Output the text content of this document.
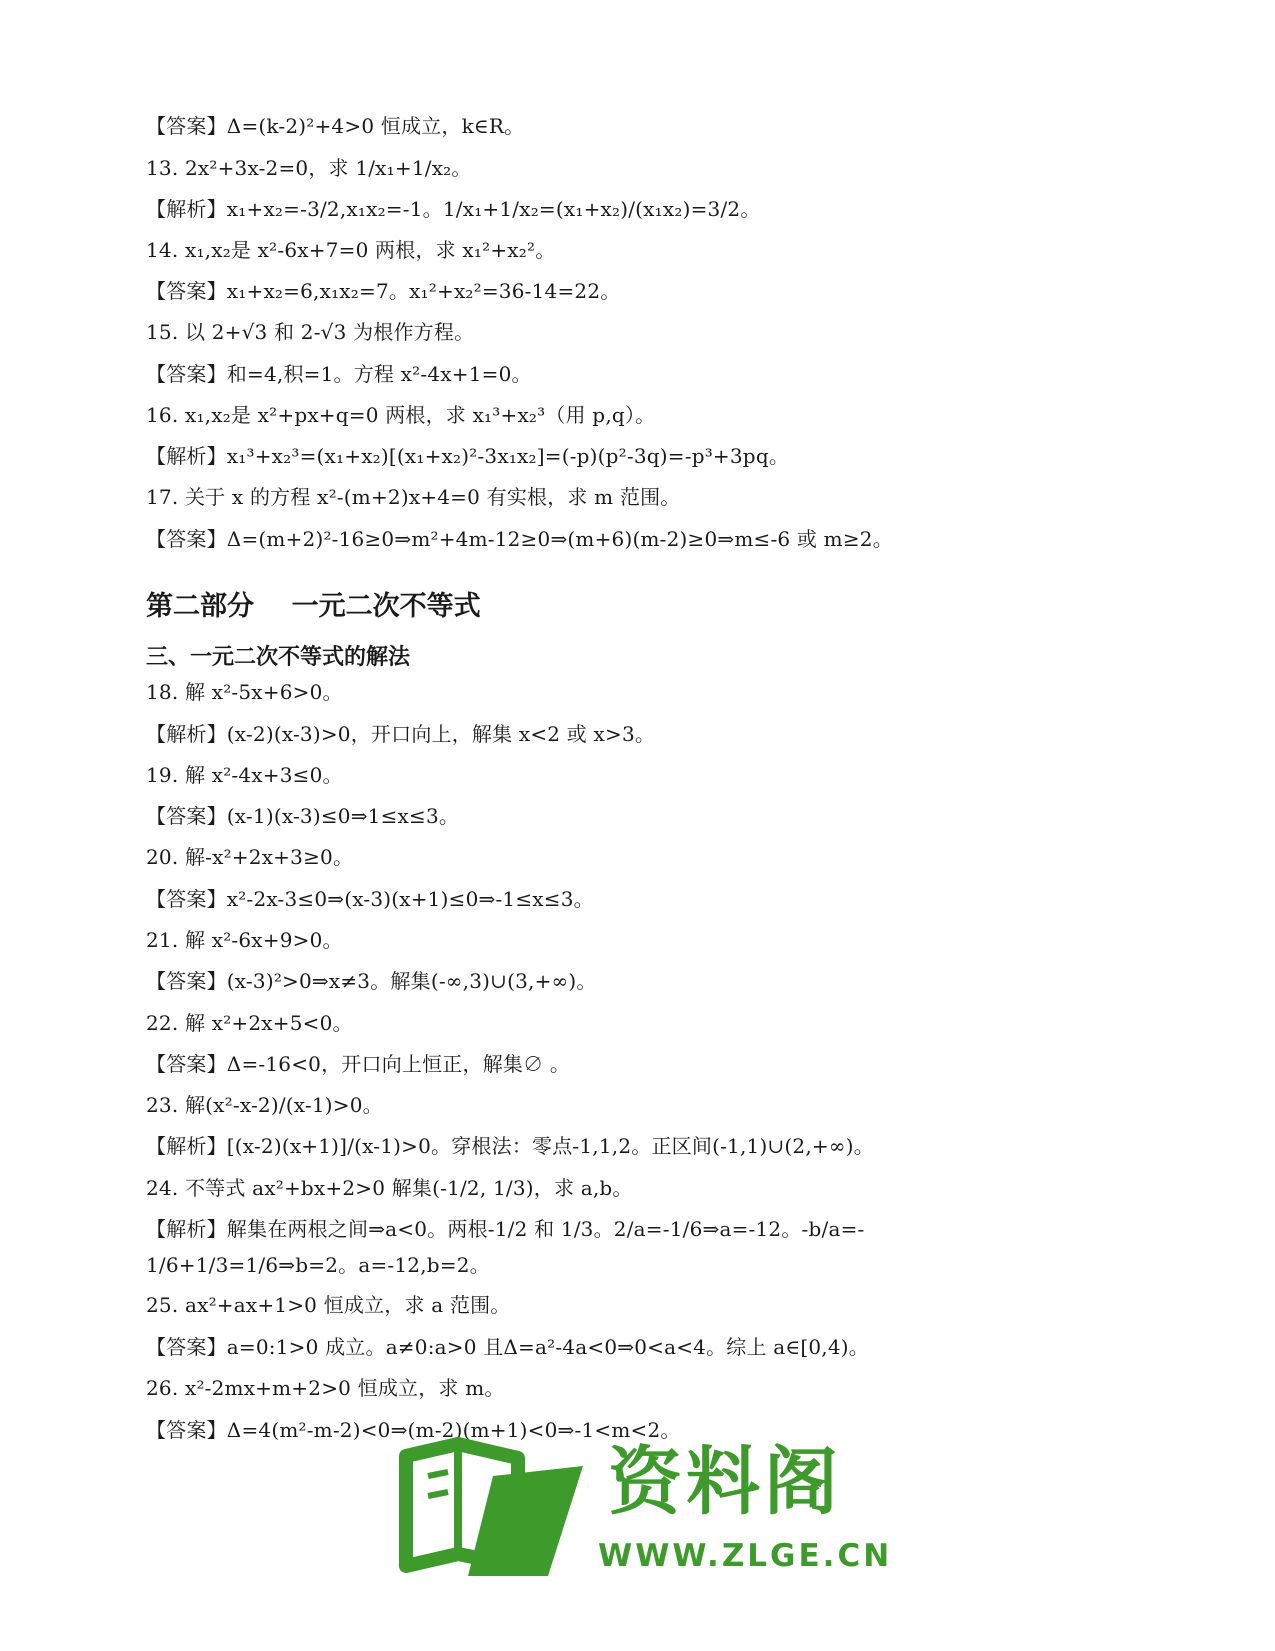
【答案】Δ=(k-2)²+4>0 恒成立，k∈R。
13. 2x²+3x-2=0，求 1/x₁+1/x₂。
【解析】x₁+x₂=-3/2,x₁x₂=-1。1/x₁+1/x₂=(x₁+x₂)/(x₁x₂)=3/2。
14. x₁,x₂是 x²-6x+7=0 两根，求 x₁²+x₂²。
【答案】x₁+x₂=6,x₁x₂=7。x₁²+x₂²=36-14=22。
15. 以 2+√3 和 2-√3 为根作方程。
【答案】和=4,积=1。方程 x²-4x+1=0。
16. x₁,x₂是 x²+px+q=0 两根，求 x₁³+x₂³（用 p,q）。
【解析】x₁³+x₂³=(x₁+x₂)[(x₁+x₂)²-3x₁x₂]=(-p)(p²-3q)=-p³+3pq。
17. 关于 x 的方程 x²-(m+2)x+4=0 有实根，求 m 范围。
【答案】Δ=(m+2)²-16≥0⇒m²+4m-12≥0⇒(m+6)(m-2)≥0⇒m≤-6 或 m≥2。
第二部分    一元二次不等式
三、一元二次不等式的解法
18. 解 x²-5x+6>0。
【解析】(x-2)(x-3)>0，开口向上，解集 x<2 或 x>3。
19. 解 x²-4x+3≤0。
【答案】(x-1)(x-3)≤0⇒1≤x≤3。
20. 解-x²+2x+3≥0。
【答案】x²-2x-3≤0⇒(x-3)(x+1)≤0⇒-1≤x≤3。
21. 解 x²-6x+9>0。
【答案】(x-3)²>0⇒x≠3。解集(-∞,3)∪(3,+∞)。
22. 解 x²+2x+5<0。
【答案】Δ=-16<0，开口向上恒正，解集∅ 。
23. 解(x²-x-2)/(x-1)>0。
【解析】[(x-2)(x+1)]/(x-1)>0。穿根法：零点-1,1,2。正区间(-1,1)∪(2,+∞)。
24. 不等式 ax²+bx+2>0 解集(-1/2, 1/3)，求 a,b。
【解析】解集在两根之间⇒a<0。两根-1/2 和 1/3。2/a=-1/6⇒a=-12。-b/a=-
1/6+1/3=1/6⇒b=2。a=-12,b=2。
25. ax²+ax+1>0 恒成立，求 a 范围。
【答案】a=0:1>0 成立。a≠0:a>0 且Δ=a²-4a<0⇒0<a<4。综上 a∈[0,4)。
26. x²-2mx+m+2>0 恒成立，求 m。
【答案】Δ=4(m²-m-2)<0⇒(m-2)(m+1)<0⇒-1<m<2。
资料阁
WWW.ZLGE.CN
